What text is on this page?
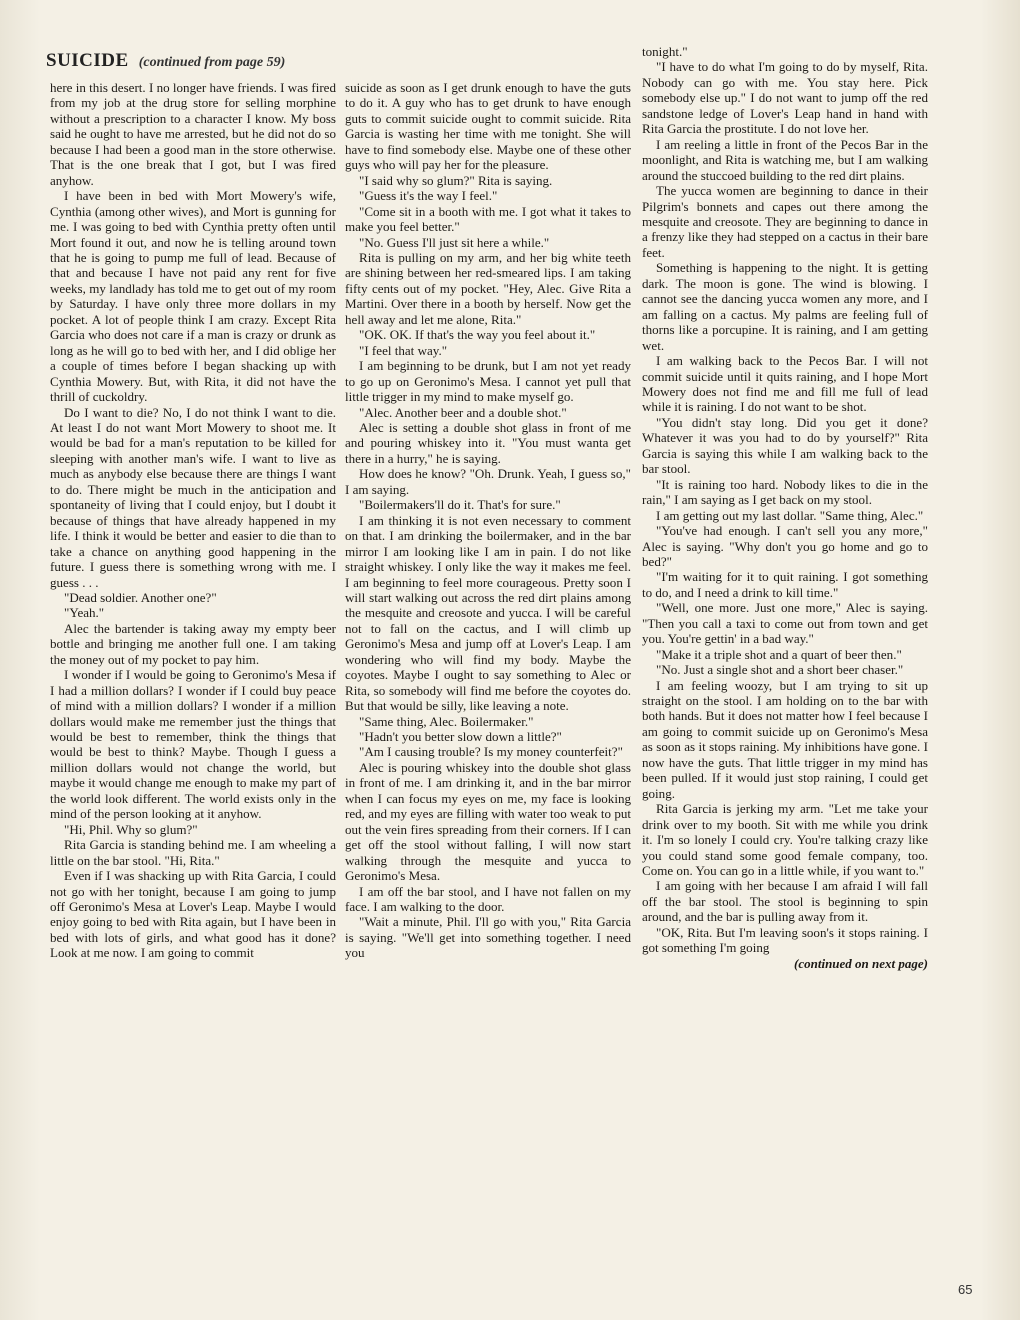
SUICIDE (continued from page 59)

here in this desert. I no longer have friends. I was fired from my job at the drug store for selling morphine without a prescription to a character I know. My boss said he ought to have me arrested, but he did not do so because I had been a good man in the store otherwise. That is the one break that I got, but I was fired anyhow.

I have been in bed with Mort Mowery's wife, Cynthia (among other wives), and Mort is gunning for me. I was going to bed with Cynthia pretty often until Mort found it out, and now he is telling around town that he is going to pump me full of lead. Because of that and because I have not paid any rent for five weeks, my landlady has told me to get out of my room by Saturday. I have only three more dollars in my pocket. A lot of people think I am crazy. Except Rita Garcia who does not care if a man is crazy or drunk as long as he will go to bed with her, and I did oblige her a couple of times before I began shacking up with Cynthia Mowery. But, with Rita, it did not have the thrill of cuckoldry.

Do I want to die? No, I do not think I want to die. At least I do not want Mort Mowery to shoot me. It would be bad for a man's reputation to be killed for sleeping with another man's wife. I want to live as much as anybody else because there are things I want to do. There might be much in the anticipation and spontaneity of living that I could enjoy, but I doubt it because of things that have already happened in my life. I think it would be better and easier to die than to take a chance on anything good happening in the future. I guess there is something wrong with me. I guess . . .

"Dead soldier. Another one?"

"Yeah."

Alec the bartender is taking away my empty beer bottle and bringing me another full one. I am taking the money out of my pocket to pay him.

I wonder if I would be going to Geronimo's Mesa if I had a million dollars? I wonder if I could buy peace of mind with a million dollars? I wonder if a million dollars would make me remember just the things that would be best to remember, think the things that would be best to think? Maybe. Though I guess a million dollars would not change the world, but maybe it would change me enough to make my part of the world look different. The world exists only in the mind of the person looking at it anyhow.

"Hi, Phil. Why so glum?"

Rita Garcia is standing behind me. I am wheeling a little on the bar stool. "Hi, Rita."

Even if I was shacking up with Rita Garcia, I could not go with her tonight, because I am going to jump off Geronimo's Mesa at Lover's Leap. Maybe I would enjoy going to bed with Rita again, but I have been in bed with lots of girls, and what good has it done? Look at me now. I am going to commit

suicide as soon as I get drunk enough to have the guts to do it. A guy who has to get drunk to have enough guts to commit suicide ought to commit suicide. Rita Garcia is wasting her time with me tonight. She will have to find somebody else. Maybe one of these other guys who will pay her for the pleasure.

"I said why so glum?" Rita is saying.

"Guess it's the way I feel."

"Come sit in a booth with me. I got what it takes to make you feel better."

"No. Guess I'll just sit here a while."

Rita is pulling on my arm, and her big white teeth are shining between her red-smeared lips. I am taking fifty cents out of my pocket. "Hey, Alec. Give Rita a Martini. Over there in a booth by herself. Now get the hell away and let me alone, Rita."

"OK. OK. If that's the way you feel about it."

"I feel that way."

I am beginning to be drunk, but I am not yet ready to go up on Geronimo's Mesa. I cannot yet pull that little trigger in my mind to make myself go.

"Alec. Another beer and a double shot."

Alec is setting a double shot glass in front of me and pouring whiskey into it. "You must wanta get there in a hurry," he is saying.

How does he know? "Oh. Drunk. Yeah, I guess so," I am saying.

"Boilermakers'll do it. That's for sure."

I am thinking it is not even necessary to comment on that. I am drinking the boilermaker, and in the bar mirror I am looking like I am in pain. I do not like straight whiskey. I only like the way it makes me feel. I am beginning to feel more courageous. Pretty soon I will start walking out across the red dirt plains among the mesquite and creosote and yucca. I will be careful not to fall on the cactus, and I will climb up Geronimo's Mesa and jump off at Lover's Leap. I am wondering who will find my body. Maybe the coyotes. Maybe I ought to say something to Alec or Rita, so somebody will find me before the coyotes do. But that would be silly, like leaving a note.

"Same thing, Alec. Boilermaker."

"Hadn't you better slow down a little?"

"Am I causing trouble? Is my money counterfeit?"

Alec is pouring whiskey into the double shot glass in front of me. I am drinking it, and in the bar mirror when I can focus my eyes on me, my face is looking red, and my eyes are filling with water too weak to put out the vein fires spreading from their corners. If I can get off the stool without falling, I will now start walking through the mesquite and yucca to Geronimo's Mesa.

I am off the bar stool, and I have not fallen on my face. I am walking to the door.

"Wait a minute, Phil. I'll go with you," Rita Garcia is saying. "We'll get into something together. I need you

tonight."

"I have to do what I'm going to do by myself, Rita. Nobody can go with me. You stay here. Pick somebody else up." I do not want to jump off the red sandstone ledge of Lover's Leap hand in hand with Rita Garcia the prostitute. I do not love her.

I am reeling a little in front of the Pecos Bar in the moonlight, and Rita is watching me, but I am walking around the stuccoed building to the red dirt plains.

The yucca women are beginning to dance in their Pilgrim's bonnets and capes out there among the mesquite and creosote. They are beginning to dance in a frenzy like they had stepped on a cactus in their bare feet.

Something is happening to the night. It is getting dark. The moon is gone. The wind is blowing. I cannot see the dancing yucca women any more, and I am falling on a cactus. My palms are feeling full of thorns like a porcupine. It is raining, and I am getting wet.

I am walking back to the Pecos Bar. I will not commit suicide until it quits raining, and I hope Mort Mowery does not find me and fill me full of lead while it is raining. I do not want to be shot.

"You didn't stay long. Did you get it done? Whatever it was you had to do by yourself?" Rita Garcia is saying this while I am walking back to the bar stool.

"It is raining too hard. Nobody likes to die in the rain," I am saying as I get back on my stool.

I am getting out my last dollar. "Same thing, Alec."

"You've had enough. I can't sell you any more," Alec is saying. "Why don't you go home and go to bed?"

"I'm waiting for it to quit raining. I got something to do, and I need a drink to kill time."

"Well, one more. Just one more," Alec is saying. "Then you call a taxi to come out from town and get you. You're gettin' in a bad way."

"Make it a triple shot and a quart of beer then."

"No. Just a single shot and a short beer chaser."

I am feeling woozy, but I am trying to sit up straight on the stool. I am holding on to the bar with both hands. But it does not matter how I feel because I am going to commit suicide up on Geronimo's Mesa as soon as it stops raining. My inhibitions have gone. I now have the guts. That little trigger in my mind has been pulled. If it would just stop raining, I could get going.

Rita Garcia is jerking my arm. "Let me take your drink over to my booth. Sit with me while you drink it. I'm so lonely I could cry. You're talking crazy like you could stand some good female company, too. Come on. You can go in a little while, if you want to."

I am going with her because I am afraid I will fall off the bar stool. The stool is beginning to spin around, and the bar is pulling away from it.

"OK, Rita. But I'm leaving soon's it stops raining. I got something I'm going

(continued on next page)

65
